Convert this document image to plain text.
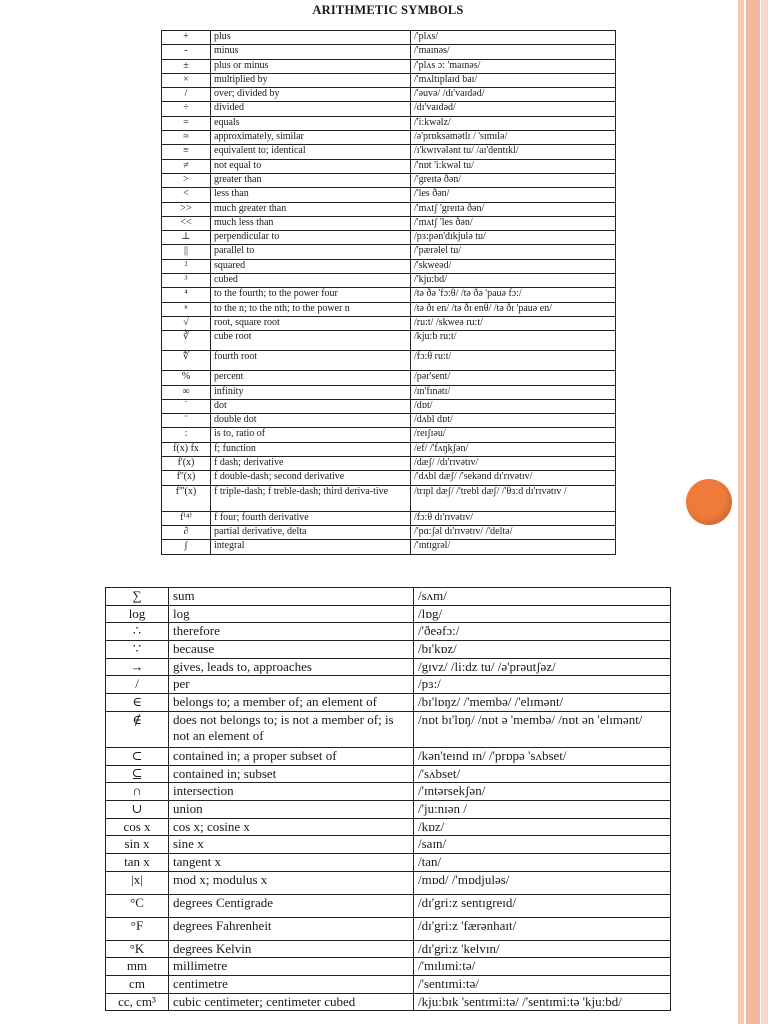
ARITHMETIC SYMBOLS
+	plus	/'plʌs/
-	minus	/'maɪnəs/
±	plus or minus	/'plʌs ɔ: 'maɪnəs/
×	multiplied by	/'mʌltɪplaɪd baɪ/
/	over; divided by	/'əuvə/ /dɪ'vaɪdəd/
÷	divided	/dɪ'vaɪdəd/
=	equals	/'i:kwəlz/
≈	approximately, similar	/ə'prɒksəmətlɪ / 'sɪmɪlə/
≡	equivalent to; identical	/ɪ'kwɪvələnt tu/ /aɪ'dentɪkl/
≠	not equal to	/'nɒt 'i:kwəl tu/
>	greater than	/'greɪtə ðən/
<	less than	/'les ðən/
>>	much greater than	/'mʌtʃ 'greɪtə ðən/
<<	much less than	/'mʌtʃ 'les ðən/
⊥	perpendicular to	/pɜ:pən'dɪkjulə tu/
||	parallel to	/'pærəlel tu/
²	squared	/'skweəd/
³	cubed	/'kju:bd/
⁴	to the fourth; to the power four	/tə ðə 'fɔ:θ/ /tə ðə 'pauə fɔ:/
ⁿ	to the n; to the nth; to the power n	/tə ðɪ en/ /tə ðɪ enθ/ /tə ðɪ 'pauə en/
√	root, square root	/ru:t/ /skweə ru:t/
∛	cube root	/kju:b ru:t/
∜	fourth root	/fɔ:θ ru:t/
%	percent	/pər'sent/
∞	infinity	/ɪn'fɪnətɪ/
˙	dot	/dɒt/
¨	double dot	/dʌbl dɒt/
:	is to, ratio of	/reɪʃɪəu/
f(x) fx	f; function	/ef/ /'fʌŋkʃən/
f'(x)	f dash; derivative	/dæʃ/ /dɪ'rɪvətɪv/
f''(x)	f double-dash; second derivative	/'dʌbl dæʃ/ /'sekənd dɪ'rɪvətɪv/
f'''(x)	f triple-dash; f treble-dash; third deriva-tive	/trɪpl dæʃ/ /'trebl dæʃ/ /'θɜ:d dɪ'rɪvətɪv /
f⁽⁴⁾	f four; fourth derivative	/fɔ:θ dɪ'rɪvətɪv/
∂	partial derivative, delta	/'pɑ:ʃəl dɪ'rɪvətɪv/ /'deltə/
∫	integral	/'ɪntɪgrəl/
∑	sum	/sʌm/
log	log	/lɒg/
∴	therefore	/'ðeəfɔ:/
∵	because	/bɪ'kɒz/
→	gives, leads to, approaches	/gɪvz/ /li:dz tu/ /ə'prəutʃəz/
/	per	/pɜ:/
∈	belongs to; a member of; an element of	/bɪ'lɒŋz/ /'membə/ /'elɪmənt/
∉	does not belongs to; is not a member of; is not an element of	/nɒt bɪ'lɒŋ/ /nɒt ə 'membə/ /nɒt ən 'elɪmənt/
⊂	contained in; a proper subset of	/kən'teɪnd ɪn/ /'prɒpə 'sʌbset/
⊆	contained in; subset	/'sʌbset/
∩	intersection	/'ɪntərsekʃən/
∪	union	/'ju:nɪən /
cos x	cos x; cosine x	/kɒz/
sin x	sine x	/saɪn/
tan x	tangent x	/tan/
|x|	mod x; modulus x	/mɒd/ /'mɒdjuləs/
°C	degrees Centigrade	/dɪ'gri:z sentɪgreɪd/
°F	degrees Fahrenheit	/dɪ'gri:z 'færənhaɪt/
°K	degrees Kelvin	/dɪ'gri:z 'kelvɪn/
mm	millimetre	/'mɪlɪmi:tə/
cm	centimetre	/'sentɪmi:tə/
cc, cm³	cubic centimeter; centimeter cubed	/kju:bɪk 'sentɪmi:tə/ /'sentɪmi:tə 'kju:bd/
